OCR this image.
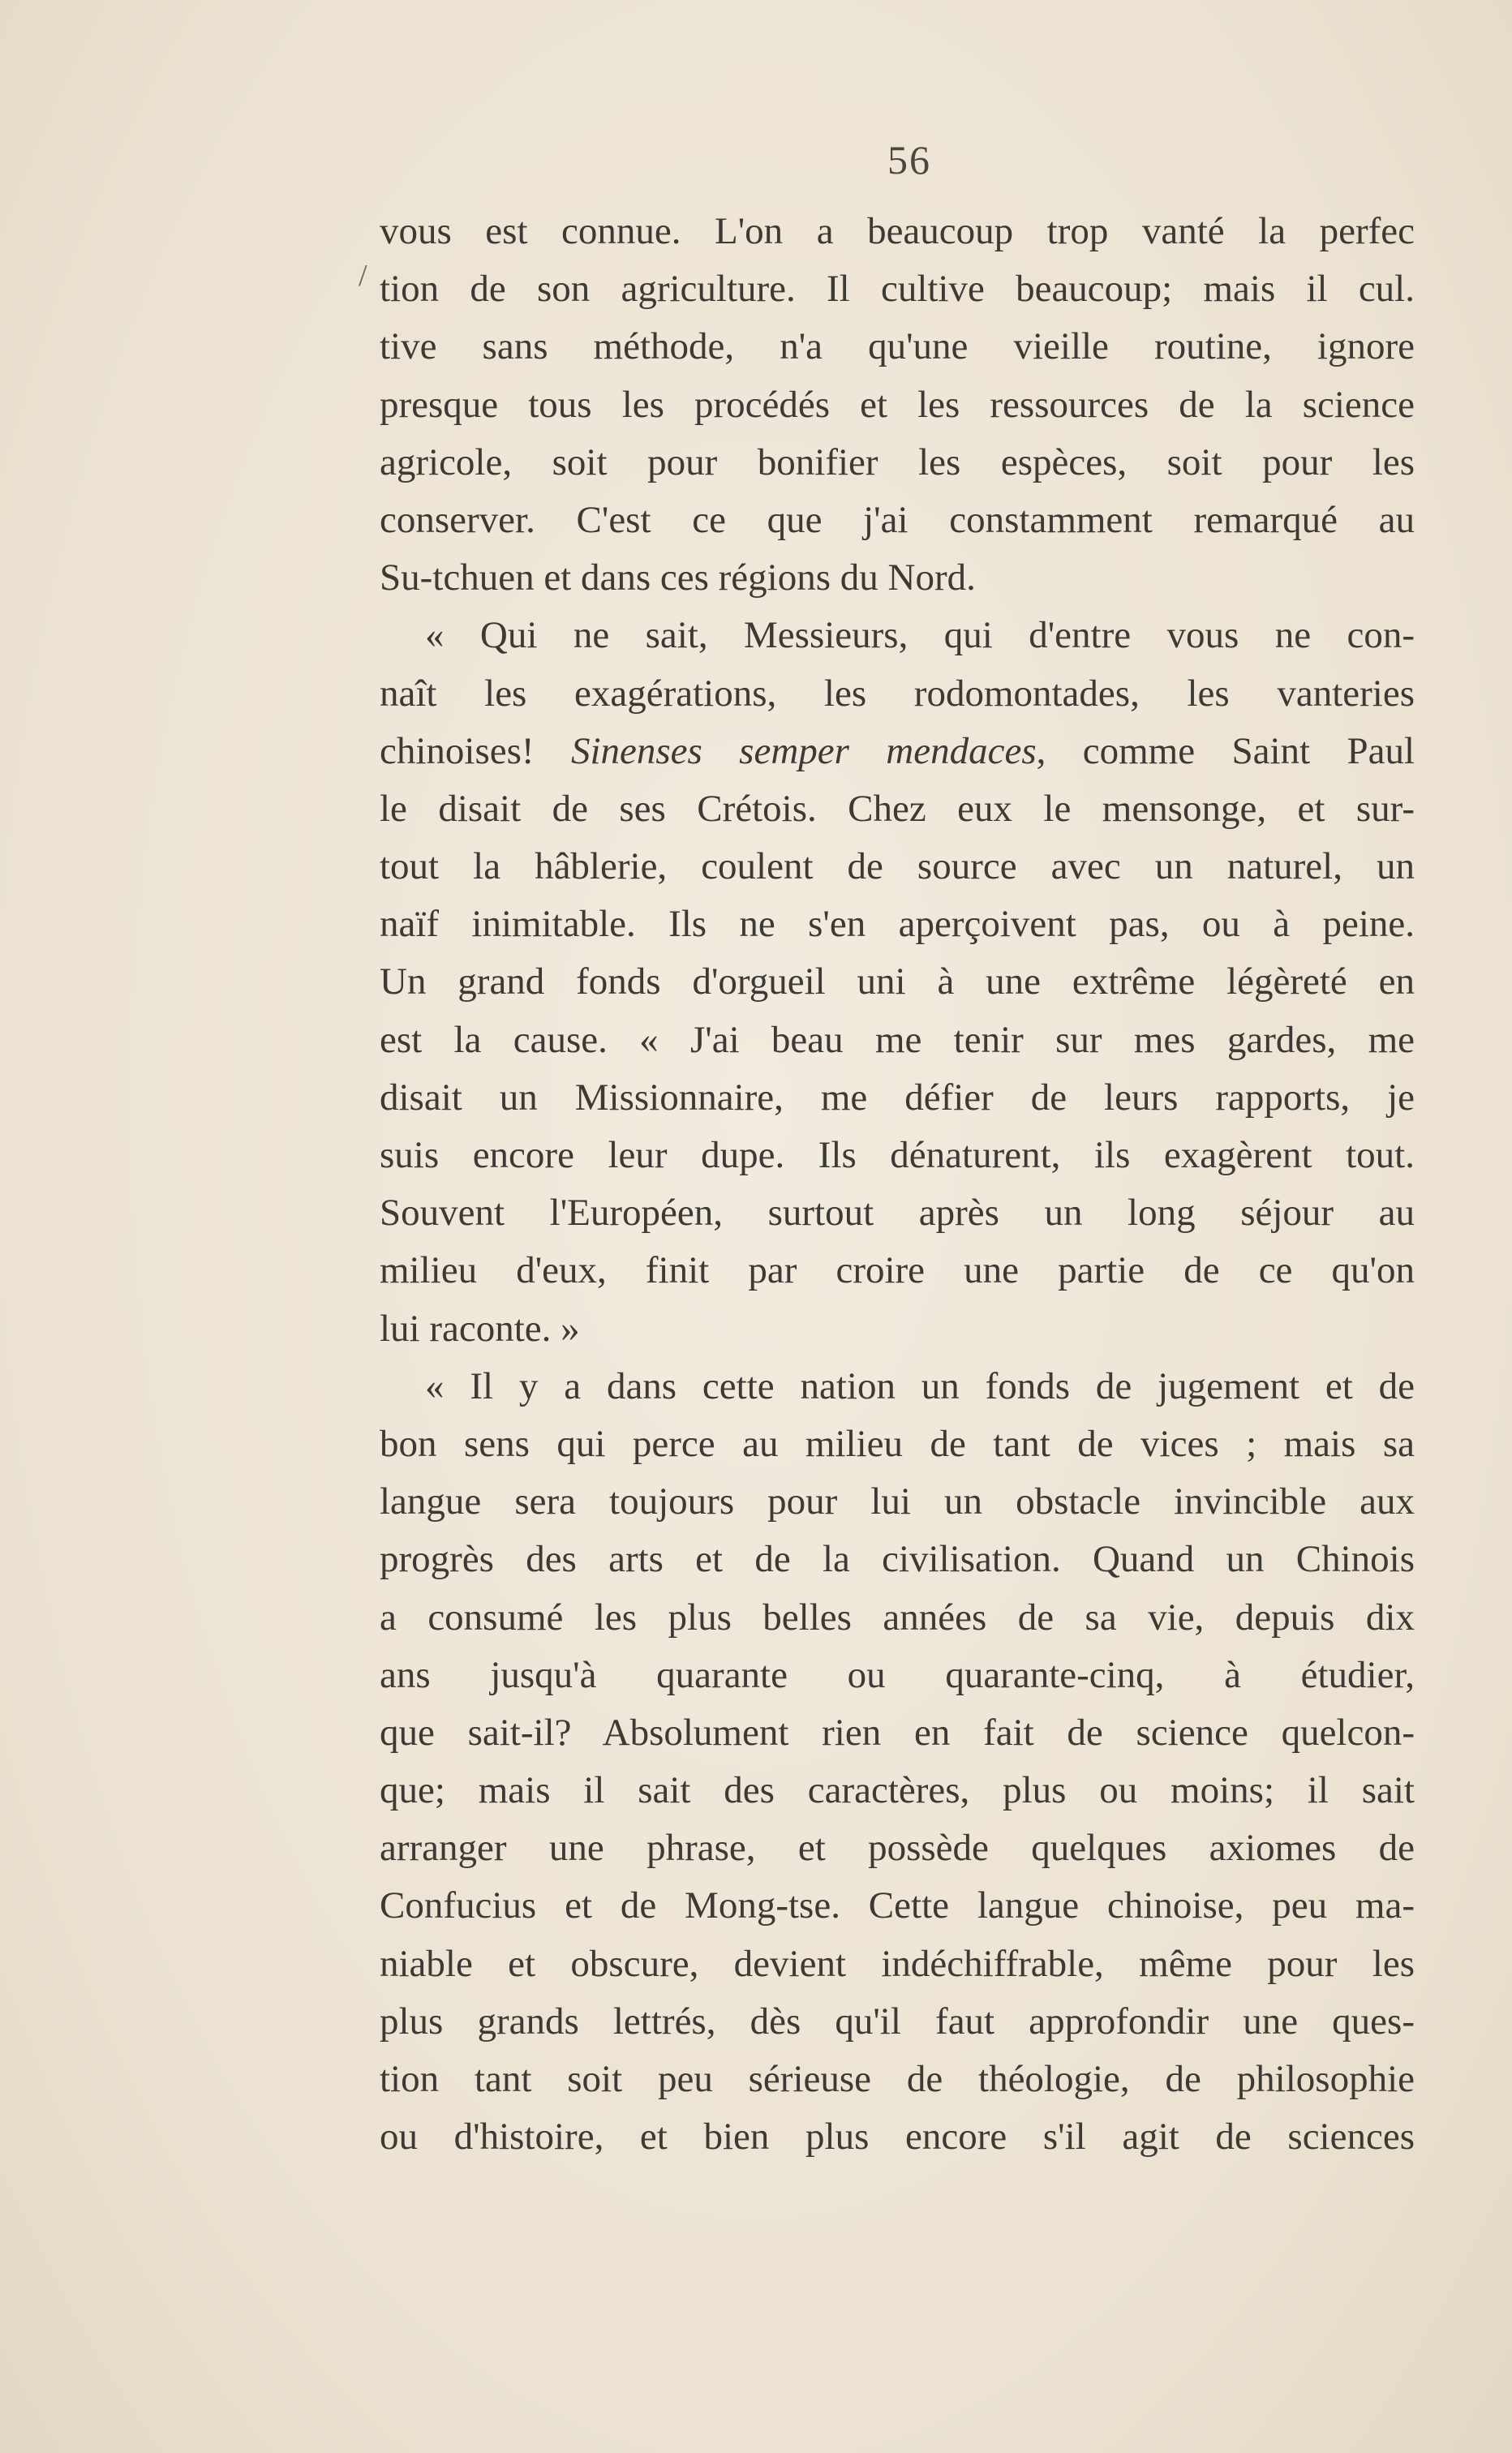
56
/
vous est connue. L'on a beaucoup trop vanté la perfec
tion de son agriculture. Il cultive beaucoup; mais il cul.
tive sans méthode, n'a qu'une vieille routine, ignore
presque tous les procédés et les ressources de la science
agricole, soit pour bonifier les espèces, soit pour les
conserver. C'est ce que j'ai constamment remarqué au
Su-tchuen et dans ces régions du Nord.
« Qui ne sait, Messieurs, qui d'entre vous ne con-
naît les exagérations, les rodomontades, les vanteries
chinoises! Sinenses semper mendaces, comme Saint Paul
le disait de ses Crétois. Chez eux le mensonge, et sur-
tout la hâblerie, coulent de source avec un naturel, un
naïf inimitable. Ils ne s'en aperçoivent pas, ou à peine.
Un grand fonds d'orgueil uni à une extrême légèreté en
est la cause. « J'ai beau me tenir sur mes gardes, me
disait un Missionnaire, me défier de leurs rapports, je
suis encore leur dupe. Ils dénaturent, ils exagèrent tout.
Souvent l'Européen, surtout après un long séjour au
milieu d'eux, finit par croire une partie de ce qu'on
lui raconte. »
« Il y a dans cette nation un fonds de jugement et de
bon sens qui perce au milieu de tant de vices ; mais sa
langue sera toujours pour lui un obstacle invincible aux
progrès des arts et de la civilisation. Quand un Chinois
a consumé les plus belles années de sa vie, depuis dix
ans jusqu'à quarante ou quarante-cinq, à étudier,
que sait-il? Absolument rien en fait de science quelcon-
que; mais il sait des caractères, plus ou moins; il sait
arranger une phrase, et possède quelques axiomes de
Confucius et de Mong-tse. Cette langue chinoise, peu ma-
niable et obscure, devient indéchiffrable, même pour les
plus grands lettrés, dès qu'il faut approfondir une ques-
tion tant soit peu sérieuse de théologie, de philosophie
ou d'histoire, et bien plus encore s'il agit de sciences
